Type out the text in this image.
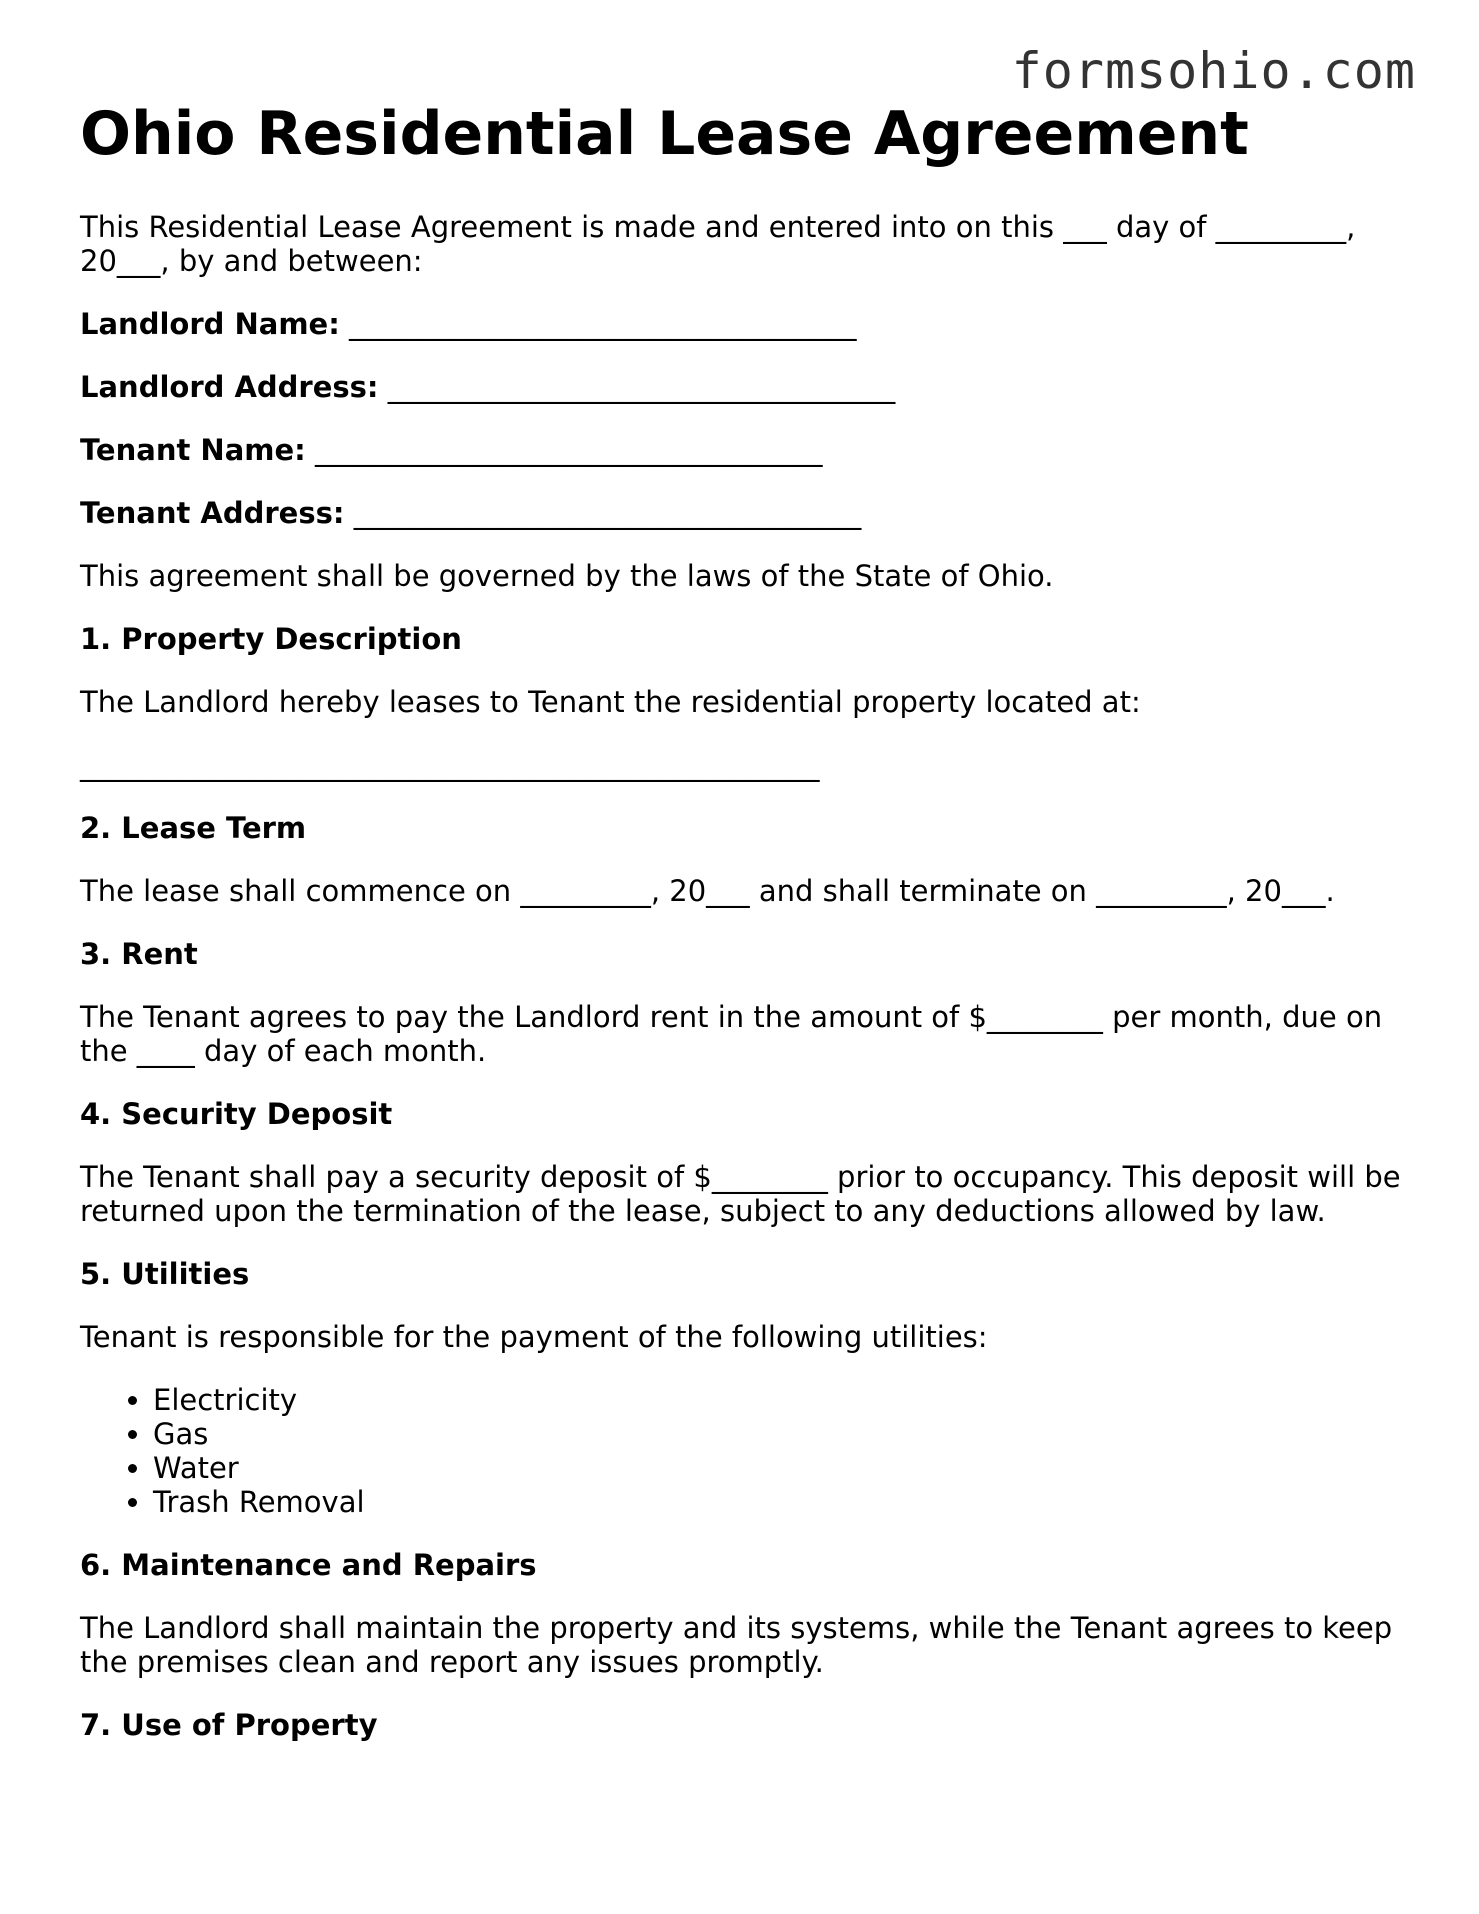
formsohio.com
Ohio Residential Lease Agreement

This Residential Lease Agreement is made and entered into on this ___ day of _________, 20___, by and between:

Landlord Name: ___________________________________
Landlord Address: ___________________________________
Tenant Name: ___________________________________
Tenant Address: ___________________________________

This agreement shall be governed by the laws of the State of Ohio.

1. Property Description

The Landlord hereby leases to Tenant the residential property located at:

___________________________________________________
2. Lease Term

The lease shall commence on _________, 20___ and shall terminate on _________, 20___.

3. Rent

The Tenant agrees to pay the Landlord rent in the amount of $________ per month, due on the ____ day of each month.

4. Security Deposit

The Tenant shall pay a security deposit of $________ prior to occupancy. This deposit will be returned upon the termination of the lease, subject to any deductions allowed by law.

5. Utilities

Tenant is responsible for the payment of the following utilities:

• Electricity
• Gas
• Water
• Trash Removal
6. Maintenance and Repairs

The Landlord shall maintain the property and its systems, while the Tenant agrees to keep the premises clean and report any issues promptly.

7. Use of Property
